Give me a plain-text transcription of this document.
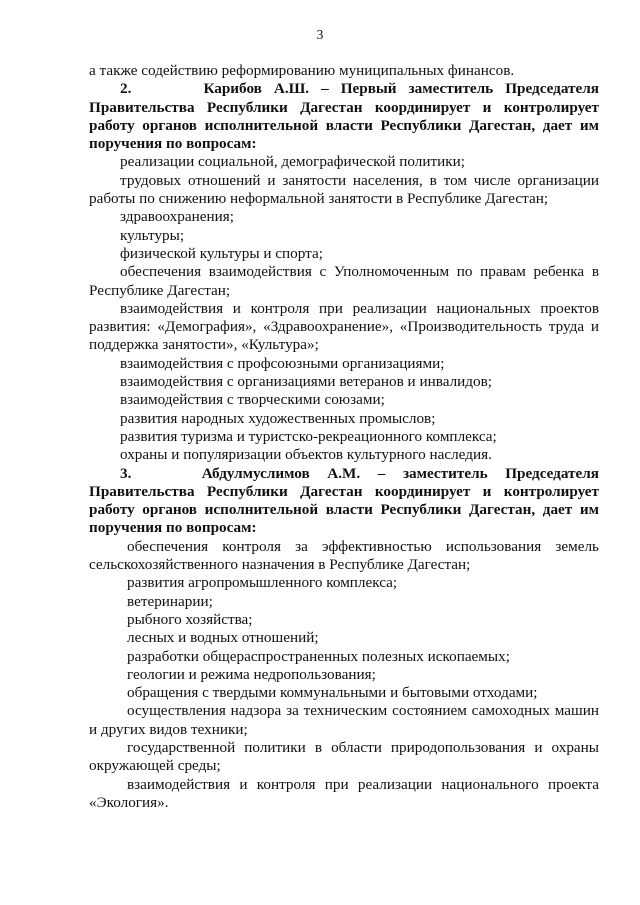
3

а также содействию реформированию муниципальных финансов.

2.      Карибов А.Ш. – Первый заместитель Председателя
Правительства Республики Дагестан координирует и контролирует
работу органов исполнительной власти Республики Дагестан, дает им
поручения по вопросам:

реализации социальной, демографической политики;

трудовых отношений и занятости населения, в том числе организации
работы по снижению неформальной занятости в Республике Дагестан;

здравоохранения;

культуры;

физической культуры и спорта;

обеспечения взаимодействия с Уполномоченным по правам ребенка в
Республике Дагестан;

взаимодействия и контроля при реализации национальных проектов
развития: «Демография», «Здравоохранение», «Производительность труда и
поддержка занятости», «Культура»;

взаимодействия с профсоюзными организациями;

взаимодействия с организациями ветеранов и инвалидов;

взаимодействия с творческими союзами;

развития народных художественных промыслов;

развития туризма и туристско-рекреационного комплекса;

охраны и популяризации объектов культурного наследия.

3.    Абдулмуслимов А.М. – заместитель Председателя
Правительства Республики Дагестан координирует и контролирует
работу органов исполнительной власти Республики Дагестан, дает им
поручения по вопросам:

обеспечения контроля за эффективностью использования земель
сельскохозяйственного назначения в Республике Дагестан;

развития агропромышленного комплекса;

ветеринарии;

рыбного хозяйства;

лесных и водных отношений;

разработки общераспространенных полезных ископаемых;

геологии и режима недропользования;

обращения с твердыми коммунальными и бытовыми отходами;

осуществления надзора за техническим состоянием самоходных машин
и других видов техники;

государственной политики в области природопользования и охраны
окружающей среды;

взаимодействия и контроля при реализации национального проекта
«Экология».
